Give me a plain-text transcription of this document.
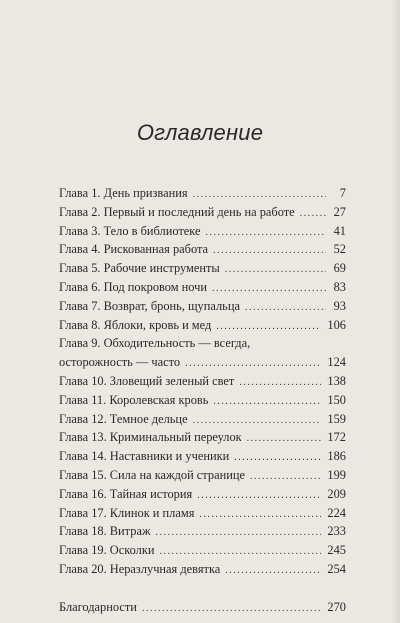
Оглавление
Глава 1. День призвания .....	7
Глава 2. Первый и последний день на работе .....	27
Глава 3. Тело в библиотеке .....	41
Глава 4. Рискованная работа .....	52
Глава 5. Рабочие инструменты .....	69
Глава 6. Под покровом ночи .....	83
Глава 7. Возврат, бронь, щупальца .....	93
Глава 8. Яблоки, кровь и мед .....	106
Глава 9. Обходительность — всегда,
осторожность — часто .....	124
Глава 10. Зловещий зеленый свет .....	138
Глава 11. Королевская кровь .....	150
Глава 12. Темное дельце .....	159
Глава 13. Криминальный переулок .....	172
Глава 14. Наставники и ученики .....	186
Глава 15. Сила на каждой странице .....	199
Глава 16. Тайная история .....	209
Глава 17. Клинок и пламя .....	224
Глава 18. Витраж .....	233
Глава 19. Осколки .....	245
Глава 20. Неразлучная девятка .....	254
Благодарности .....	270
